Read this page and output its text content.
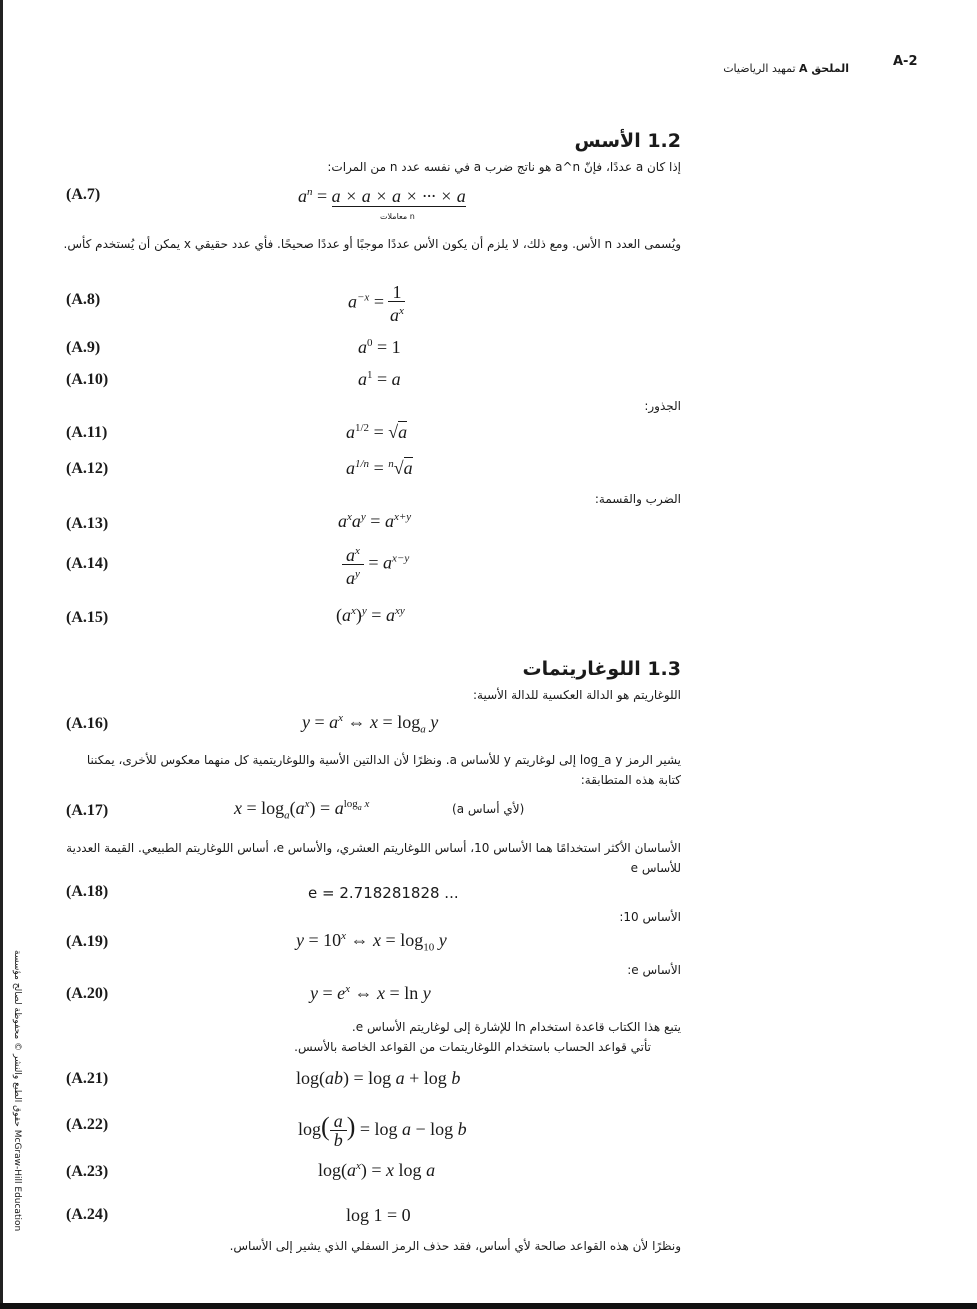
A-2
الملحق A تمهيد الرياضيات
1.2 الأسس
إذا كان a عددًا، فإنّ a^n هو ناتج ضرب a في نفسه عدد n من المرات:
(A.7)	$a^n = a \times a \times a$ × ··· × a
n معاملات
ويُسمى العدد n الأس. ومع ذلك، لا يلزم أن يكون الأس عددًا موجبًا أو عددًا صحيحًا. فأي عدد حقيقي x يمكن أن يُستخدم كأس.
(A.8)	$a^{-x} = \frac{1}{a^x}$
(A.9)	$a^0 = 1$
(A.10)	$a^1 = a$
الجذور:
(A.11)	$a^{1/2} = √a$
(A.12)	$a^{1/n} = ^n√a$
الضرب والقسمة:
(A.13)	$a^xa^y = a^{x+y}$
(A.14)	$\frac{a^x}{a^y} = a^{x-y}$
(A.15)	$(a^x)^y = a^{xy}$
1.3 اللوغاريتمات
اللوغاريتم هو الدالة العكسية للدالة الأسية:
(A.16)	$y = a^x$ ⇔ $x = \log_a y$
يشير الرمز log_a y إلى لوغاريتم y للأساس a. ونظرًا لأن الدالتين الأسية واللوغاريتمية كل منهما معكوس للأخرى، يمكننا كتابة هذه المتطابقة:
(A.17)	$x = \log_a(a^x) = a^{log_a x}$	(لأي أساس a)
الأساسان الأكثر استخدامًا هما الأساس 10، أساس اللوغاريتم العشري، والأساس e، أساس اللوغاريتم الطبيعي. القيمة العددية للأساس e
(A.18)	e = 2.718281828 ...
الأساس 10:
(A.19)	$y = 10^x$ ⇔ $x = \log_{10} y$
الأساس e:
(A.20)	$y = e^x$ ⇔ x = ln y
يتبع هذا الكتاب قاعدة استخدام ln للإشارة إلى لوغاريتم الأساس e.
تأتي قواعد الحساب باستخدام اللوغاريتمات من القواعد الخاصة بالأسس.
(A.21)	log(ab) = log a + log b
(A.22)	$\log( \frac{a}{b}$ ) = log a − log b
(A.23)	$\log(a^x) = x$ log a
(A.24)	log 1 = 0
ونظرًا لأن هذه القواعد صالحة لأي أساس، فقد حذف الرمز السفلي الذي يشير إلى الأساس.
حقوق الطبع والنشر © محفوظة لصالح مؤسسة McGraw-Hill Education
